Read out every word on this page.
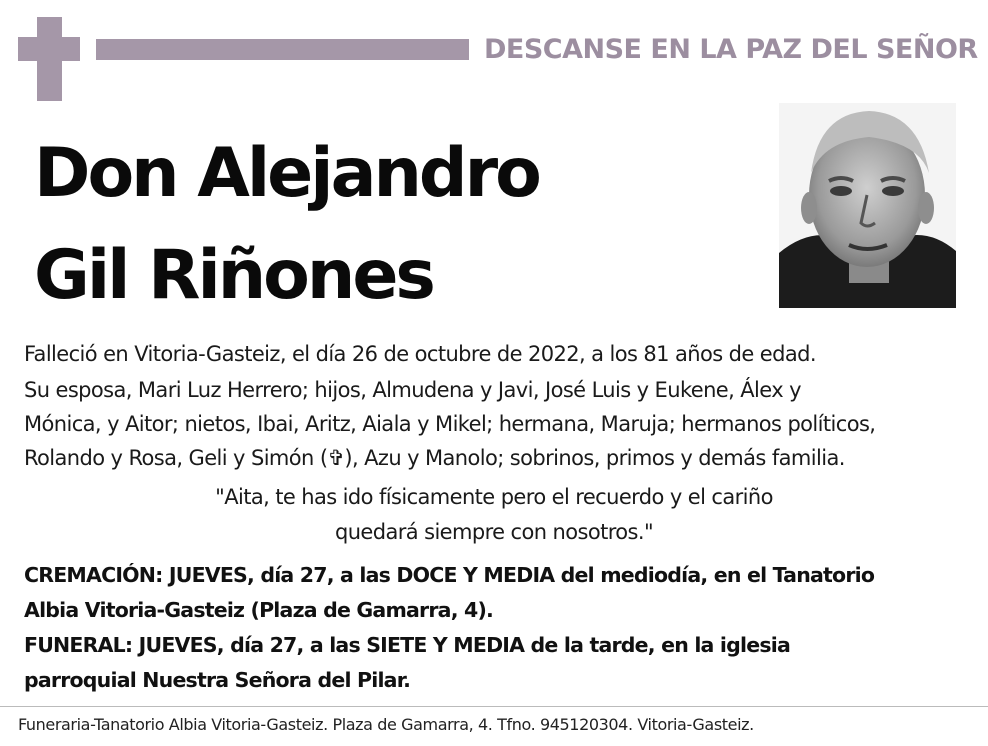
DESCANSE EN LA PAZ DEL SEÑOR
Don Alejandro
Gil Riñones
Falleció en Vitoria-Gasteiz, el día 26 de octubre de 2022, a los 81 años de edad.
Su esposa, Mari Luz Herrero; hijos, Almudena y Javi, José Luis y Eukene, Álex y
Mónica, y Aitor; nietos, Ibai, Aritz, Aiala y Mikel; hermana, Maruja; hermanos políticos,
Rolando y Rosa, Geli y Simón (✞), Azu y Manolo; sobrinos, primos y demás familia.
"Aita, te has ido físicamente pero el recuerdo y el cariño
quedará siempre con nosotros."
CREMACIÓN: JUEVES, día 27, a las DOCE Y MEDIA del mediodía, en el Tanatorio
Albia Vitoria-Gasteiz (Plaza de Gamarra, 4).
FUNERAL: JUEVES, día 27, a las SIETE Y MEDIA de la tarde, en la iglesia
parroquial Nuestra Señora del Pilar.
Funeraria-Tanatorio Albia Vitoria-Gasteiz. Plaza de Gamarra, 4. Tfno. 945120304. Vitoria-Gasteiz.
